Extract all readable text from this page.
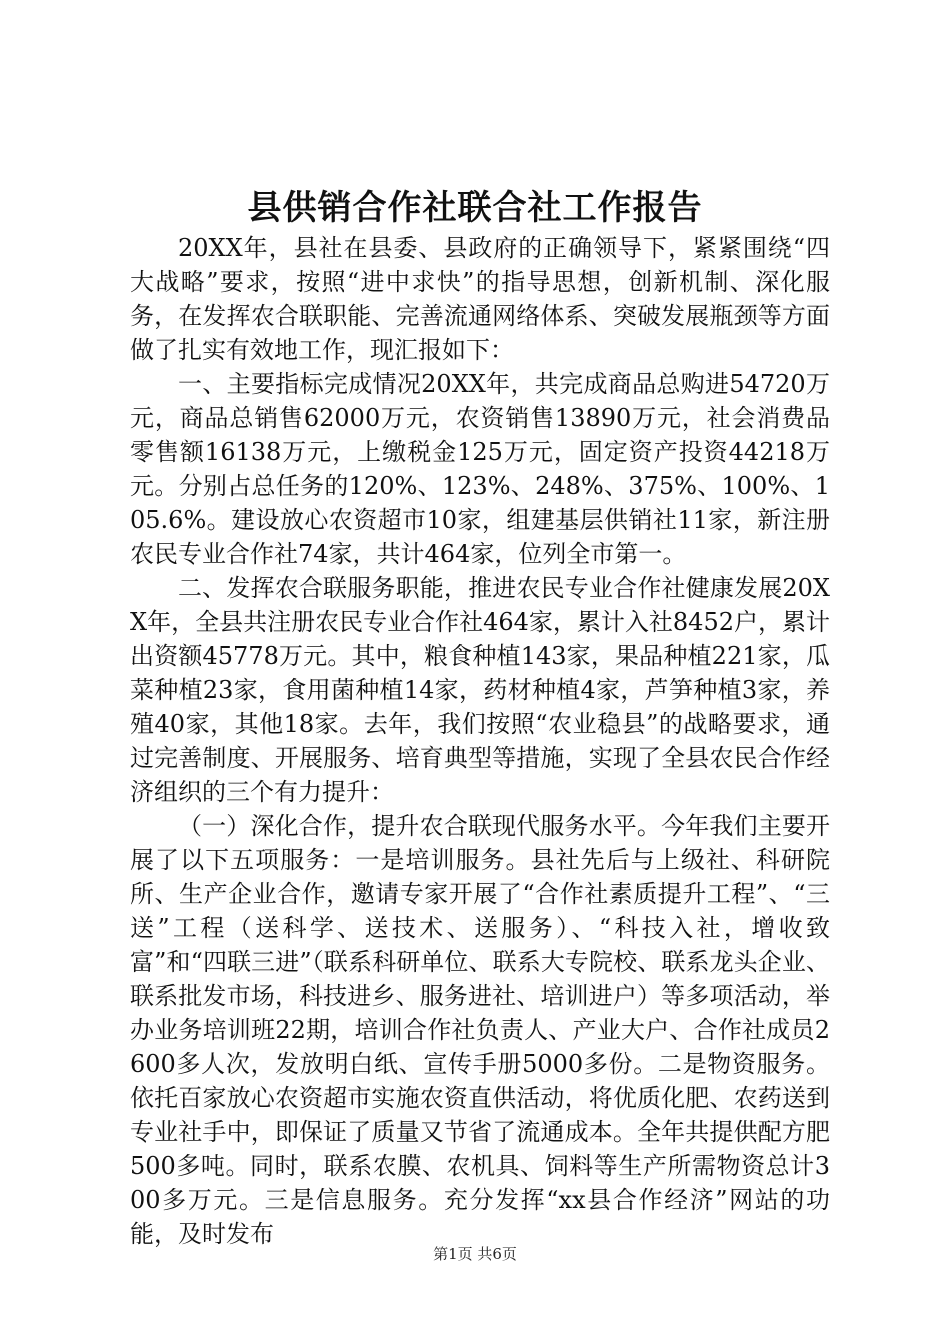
县供销合作社联合社工作报告

20XX年，县社在县委、县政府的正确领导下，紧紧围绕“四大战略”要求，按照“进中求快”的指导思想，创新机制、深化服务，在发挥农合联职能、完善流通网络体系、突破发展瓶颈等方面做了扎实有效地工作，现汇报如下：

一、主要指标完成情况20XX年，共完成商品总购进54720万元，商品总销售62000万元，农资销售13890万元，社会消费品零售额16138万元，上缴税金125万元，固定资产投资44218万元。分别占总任务的120%、123%、248%、375%、100%、105.6%。建设放心农资超市10家，组建基层供销社11家，新注册农民专业合作社74家，共计464家，位列全市第一。

二、发挥农合联服务职能，推进农民专业合作社健康发展20XX年，全县共注册农民专业合作社464家，累计入社8452户，累计出资额45778万元。其中，粮食种植143家，果品种植221家，瓜菜种植23家，食用菌种植14家，药材种植4家，芦笋种植3家，养殖40家，其他18家。去年，我们按照“农业稳县”的战略要求，通过完善制度、开展服务、培育典型等措施，实现了全县农民合作经济组织的三个有力提升：

（一）深化合作，提升农合联现代服务水平。今年我们主要开展了以下五项服务：一是培训服务。县社先后与上级社、科研院所、生产企业合作，邀请专家开展了“合作社素质提升工程”、“三送”工程（送科学、送技术、送服务）、“科技入社，增收致富”和“四联三进”（联系科研单位、联系大专院校、联系龙头企业、联系批发市场，科技进乡、服务进社、培训进户）等多项活动，举办业务培训班22期，培训合作社负责人、产业大户、合作社成员2600多人次，发放明白纸、宣传手册5000多份。二是物资服务。依托百家放心农资超市实施农资直供活动，将优质化肥、农药送到专业社手中，即保证了质量又节省了流通成本。全年共提供配方肥500多吨。同时，联系农膜、农机具、饲料等生产所需物资总计300多万元。三是信息服务。充分发挥“xx县合作经济”网站的功能，及时发布

第1页 共6页
